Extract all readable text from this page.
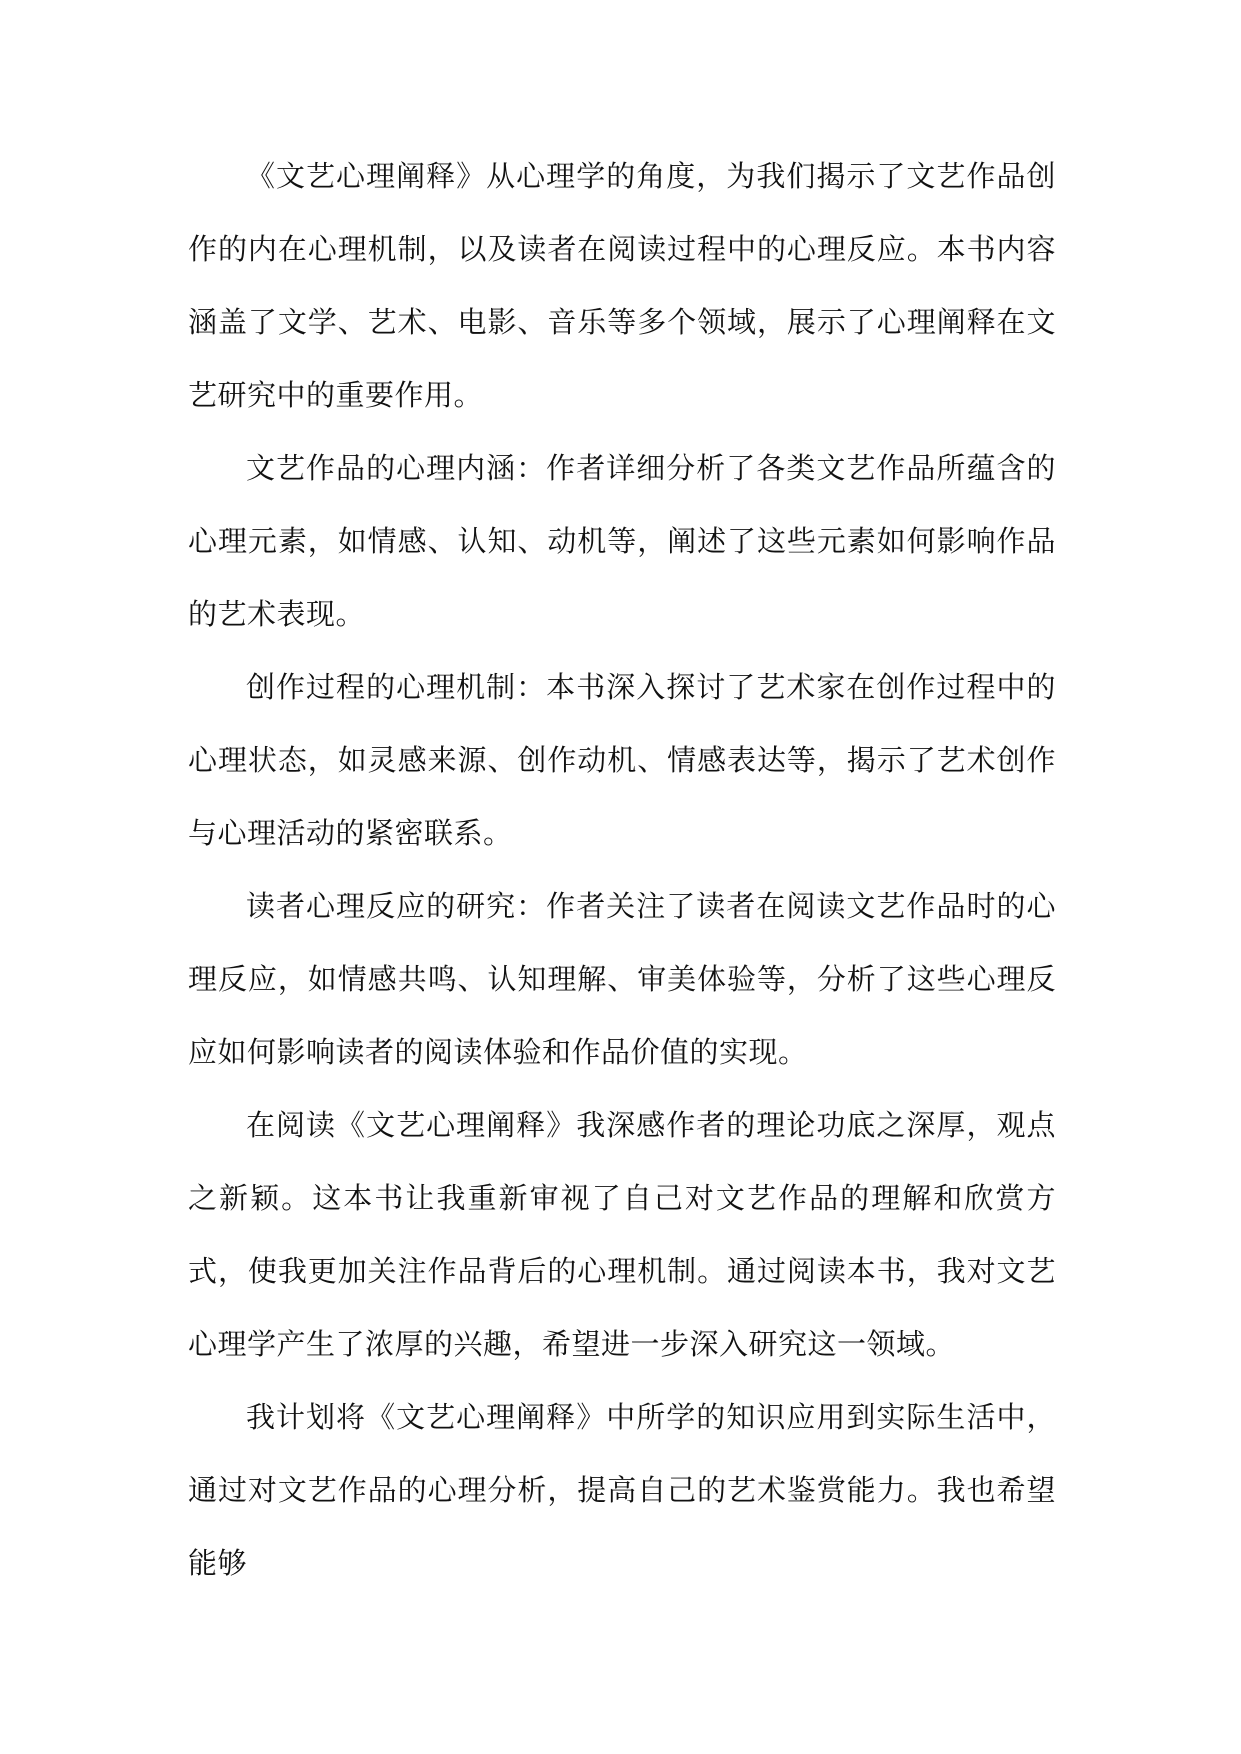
《文艺心理阐释》从心理学的角度，为我们揭示了文艺作品创作的内在心理机制，以及读者在阅读过程中的心理反应。本书内容涵盖了文学、艺术、电影、音乐等多个领域，展示了心理阐释在文艺研究中的重要作用。

文艺作品的心理内涵：作者详细分析了各类文艺作品所蕴含的心理元素，如情感、认知、动机等，阐述了这些元素如何影响作品的艺术表现。

创作过程的心理机制：本书深入探讨了艺术家在创作过程中的心理状态，如灵感来源、创作动机、情感表达等，揭示了艺术创作与心理活动的紧密联系。

读者心理反应的研究：作者关注了读者在阅读文艺作品时的心理反应，如情感共鸣、认知理解、审美体验等，分析了这些心理反应如何影响读者的阅读体验和作品价值的实现。

在阅读《文艺心理阐释》我深感作者的理论功底之深厚，观点之新颖。这本书让我重新审视了自己对文艺作品的理解和欣赏方式，使我更加关注作品背后的心理机制。通过阅读本书，我对文艺心理学产生了浓厚的兴趣，希望进一步深入研究这一领域。

我计划将《文艺心理阐释》中所学的知识应用到实际生活中，通过对文艺作品的心理分析，提高自己的艺术鉴赏能力。我也希望能够
